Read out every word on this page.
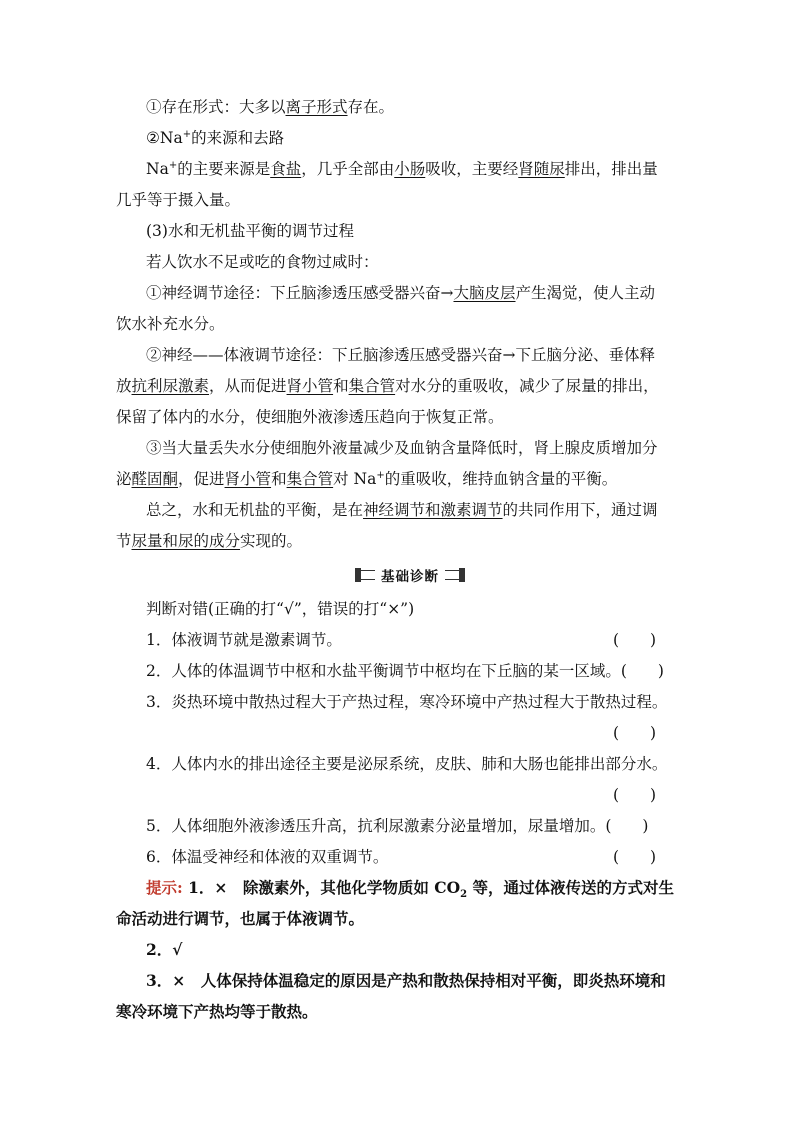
①存在形式：大多以离子形式存在。
②Na+的来源和去路
Na+的主要来源是食盐，几乎全部由小肠吸收，主要经肾随尿排出，排出量
几乎等于摄入量。
(3)水和无机盐平衡的调节过程
若人饮水不足或吃的食物过咸时：
①神经调节途径：下丘脑渗透压感受器兴奋→大脑皮层产生渴觉，使人主动
饮水补充水分。
②神经——体液调节途径：下丘脑渗透压感受器兴奋→下丘脑分泌、垂体释
放抗利尿激素，从而促进肾小管和集合管对水分的重吸收，减少了尿量的排出，
保留了体内的水分，使细胞外液渗透压趋向于恢复正常。
③当大量丢失水分使细胞外液量减少及血钠含量降低时，肾上腺皮质增加分
泌醛固酮，促进肾小管和集合管对 Na+的重吸收，维持血钠含量的平衡。
总之，水和无机盐的平衡，是在神经调节和激素调节的共同作用下，通过调
节尿量和尿的成分实现的。
基础诊断
判断对错(正确的打“√”，错误的打“×”)
1．体液调节就是激素调节。	(　　)
2．人体的体温调节中枢和水盐平衡调节中枢均在下丘脑的某一区域。(　　)
3．炎热环境中散热过程大于产热过程，寒冷环境中产热过程大于散热过程。
(　　)
4．人体内水的排出途径主要是泌尿系统，皮肤、肺和大肠也能排出部分水。
(　　)
5．人体细胞外液渗透压升高，抗利尿激素分泌量增加，尿量增加。(　　)
6．体温受神经和体液的双重调节。	(　　)
提示: 1．×　除激素外，其他化学物质如 $CO_2$ 等，通过体液传送的方式对生
命活动进行调节，也属于体液调节。
2．√
3．×　人体保持体温稳定的原因是产热和散热保持相对平衡，即炎热环境和
寒冷环境下产热均等于散热。
